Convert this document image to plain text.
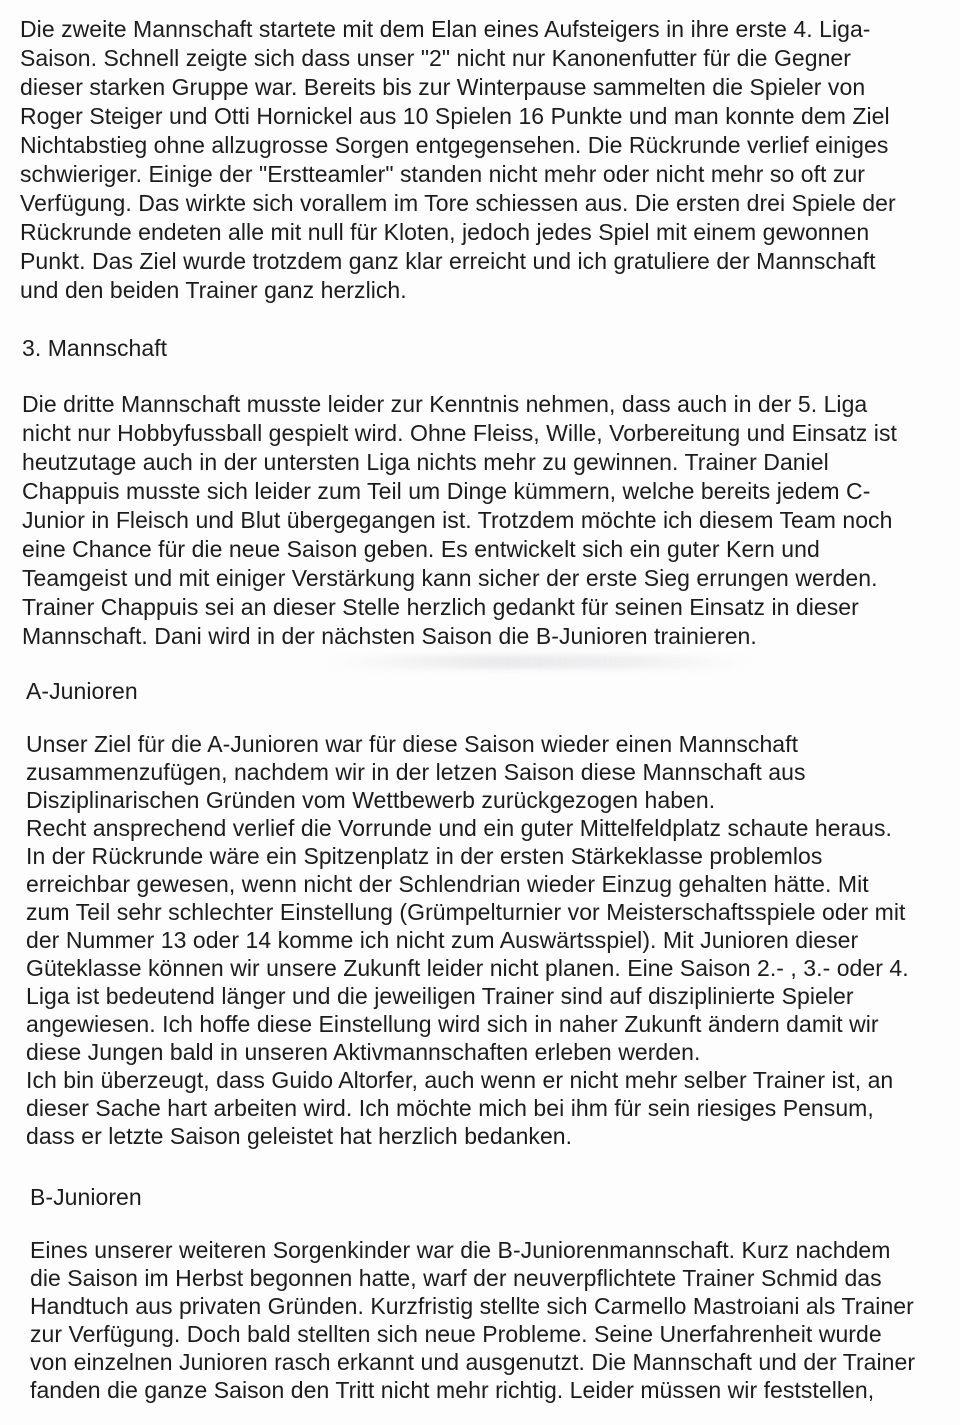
Die zweite Mannschaft startete mit dem Elan eines Aufsteigers in ihre erste 4. Liga-
Saison. Schnell zeigte sich dass unser "2" nicht nur Kanonenfutter für die Gegner
dieser starken Gruppe war. Bereits bis zur Winterpause sammelten die Spieler von
Roger Steiger und Otti Hornickel aus 10 Spielen 16 Punkte und man konnte dem Ziel
Nichtabstieg ohne allzugrosse Sorgen entgegensehen. Die Rückrunde verlief einiges
schwieriger. Einige der "Erstteamler" standen nicht mehr oder nicht mehr so oft zur
Verfügung. Das wirkte sich vorallem im Tore schiessen aus. Die ersten drei Spiele der
Rückrunde endeten alle mit null für Kloten, jedoch jedes Spiel mit einem gewonnen
Punkt. Das Ziel wurde trotzdem ganz klar erreicht und ich gratuliere der Mannschaft
und den beiden Trainer ganz herzlich.
3. Mannschaft
Die dritte Mannschaft musste leider zur Kenntnis nehmen, dass auch in der 5. Liga
nicht nur Hobbyfussball gespielt wird. Ohne Fleiss, Wille, Vorbereitung und Einsatz ist
heutzutage auch in der untersten Liga nichts mehr zu gewinnen. Trainer Daniel
Chappuis musste sich leider zum Teil um Dinge kümmern, welche bereits jedem C-
Junior in Fleisch und Blut übergegangen ist. Trotzdem möchte ich diesem Team noch
eine Chance für die neue Saison geben. Es entwickelt sich ein guter Kern und
Teamgeist und mit einiger Verstärkung kann sicher der erste Sieg errungen werden.
Trainer Chappuis sei an dieser Stelle herzlich gedankt für seinen Einsatz in dieser
Mannschaft. Dani wird in der nächsten Saison die B-Junioren trainieren.
A-Junioren
Unser Ziel für die A-Junioren war für diese Saison wieder einen Mannschaft
zusammenzufügen, nachdem wir in der letzen Saison diese Mannschaft aus
Disziplinarischen Gründen vom Wettbewerb zurückgezogen haben.
Recht ansprechend verlief die Vorrunde und ein guter Mittelfeldplatz schaute heraus.
In der Rückrunde wäre ein Spitzenplatz in der ersten Stärkeklasse problemlos
erreichbar gewesen, wenn nicht der Schlendrian wieder Einzug gehalten hätte. Mit
zum Teil sehr schlechter Einstellung (Grümpelturnier vor Meisterschaftsspiele oder mit
der Nummer 13 oder 14 komme ich nicht zum Auswärtsspiel). Mit Junioren dieser
Güteklasse können wir unsere Zukunft leider nicht planen. Eine Saison 2.- , 3.- oder 4.
Liga ist bedeutend länger und die jeweiligen Trainer sind auf disziplinierte Spieler
angewiesen. Ich hoffe diese Einstellung wird sich in naher Zukunft ändern damit wir
diese Jungen bald in unseren Aktivmannschaften erleben werden.
Ich bin überzeugt, dass Guido Altorfer, auch wenn er nicht mehr selber Trainer ist, an
dieser Sache hart arbeiten wird. Ich möchte mich bei ihm für sein riesiges Pensum,
dass er letzte Saison geleistet hat herzlich bedanken.
B-Junioren
Eines unserer weiteren Sorgenkinder war die B-Juniorenmannschaft. Kurz nachdem
die Saison im Herbst begonnen hatte, warf der neuverpflichtete Trainer Schmid das
Handtuch aus privaten Gründen. Kurzfristig stellte sich Carmello Mastroiani als Trainer
zur Verfügung. Doch bald stellten sich neue Probleme. Seine Unerfahrenheit wurde
von einzelnen Junioren rasch erkannt und ausgenutzt. Die Mannschaft und der Trainer
fanden die ganze Saison den Tritt nicht mehr richtig. Leider müssen wir feststellen,
